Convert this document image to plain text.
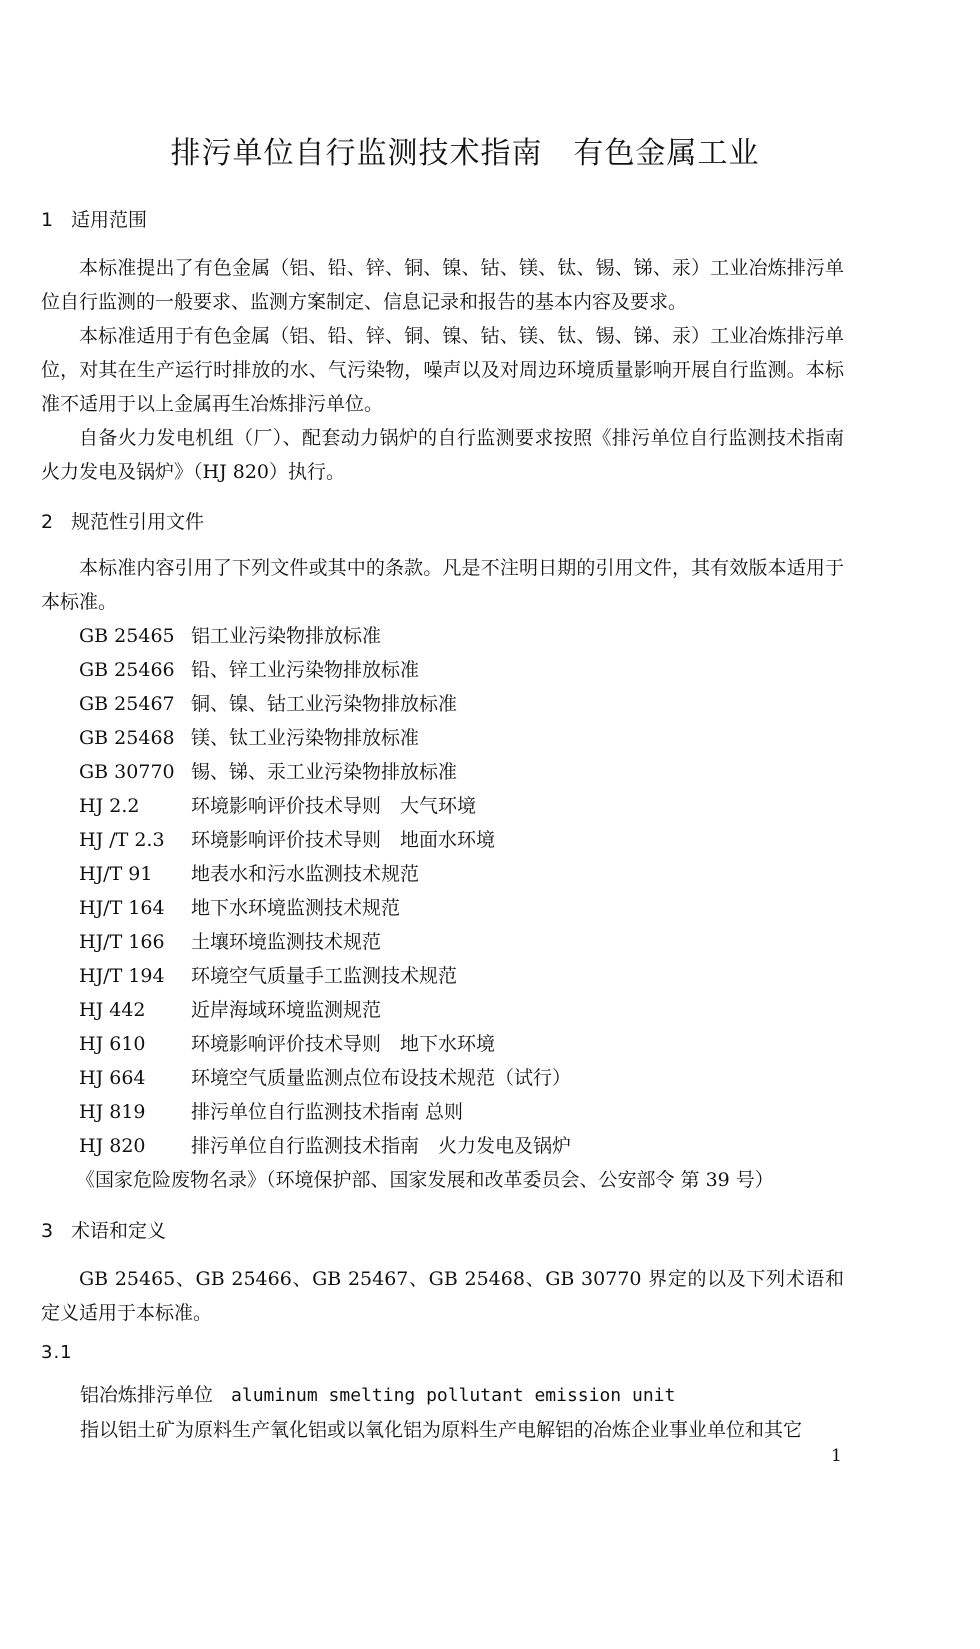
排污单位自行监测技术指南　有色金属工业
1 适用范围
本标准提出了有色金属（铝、铅、锌、铜、镍、钴、镁、钛、锡、锑、汞）工业冶炼排污单位自行监测的一般要求、监测方案制定、信息记录和报告的基本内容及要求。
本标准适用于有色金属（铝、铅、锌、铜、镍、钴、镁、钛、锡、锑、汞）工业冶炼排污单位，对其在生产运行时排放的水、气污染物，噪声以及对周边环境质量影响开展自行监测。本标准不适用于以上金属再生冶炼排污单位。
自备火力发电机组（厂）、配套动力锅炉的自行监测要求按照《排污单位自行监测技术指南　火力发电及锅炉》（HJ 820）执行。
2 规范性引用文件
本标准内容引用了下列文件或其中的条款。凡是不注明日期的引用文件，其有效版本适用于本标准。
GB 25465 铝工业污染物排放标准
GB 25466 铅、锌工业污染物排放标准
GB 25467 铜、镍、钴工业污染物排放标准
GB 25468 镁、钛工业污染物排放标准
GB 30770 锡、锑、汞工业污染物排放标准
HJ 2.2	环境影响评价技术导则　大气环境
HJ /T 2.3 环境影响评价技术导则　地面水环境
HJ/T 91 地表水和污水监测技术规范
HJ/T 164 地下水环境监测技术规范
HJ/T 166 土壤环境监测技术规范
HJ/T 194 环境空气质量手工监测技术规范
HJ 442 近岸海域环境监测规范
HJ 610 环境影响评价技术导则　地下水环境
HJ 664 环境空气质量监测点位布设技术规范（试行）
HJ 819 排污单位自行监测技术指南 总则
HJ 820 排污单位自行监测技术指南　火力发电及锅炉
《国家危险废物名录》（环境保护部、国家发展和改革委员会、公安部令 第 39 号）
3 术语和定义
GB 25465、GB 25466、GB 25467、GB 25468、GB 30770 界定的以及下列术语和定义适用于本标准。
3.1
铝冶炼排污单位 aluminum smelting pollutant emission unit
指以铝土矿为原料生产氧化铝或以氧化铝为原料生产电解铝的冶炼企业事业单位和其它
1
